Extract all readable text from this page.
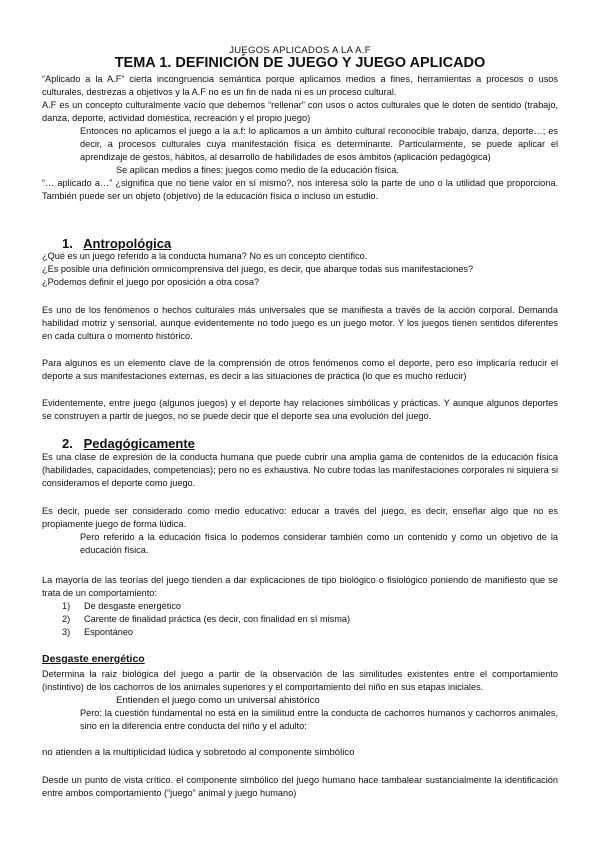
JUEGOS APLICADOS A LA A.F
TEMA 1. DEFINICIÓN DE JUEGO Y JUEGO APLICADO

“Aplicado a la A.F” cierta incongruencia semántica porque aplicamos medios a fines, herramientas a procesos o usos culturales, destrezas a objetivos y la A.F no es un fin de nada ni es un proceso cultural.

A.F es un concepto culturalmente vacío que debemos “rellenar” con usos o actos culturales que le doten de sentido (trabajo, danza, deporte, actividad doméstica, recreación y el propio juego)

Entonces no aplicamos el juego a la a.f: lo aplicamos a un ámbito cultural reconocible trabajo, danza, deporte…; es decir, a procesos culturales cuya manifestación física es determinante. Particularmente, se puede aplicar el aprendizaje de gestos, hábitos, al desarrollo de habilidades de esos ámbitos (aplicación pedagógica)

Se aplican medios a fines: juegos como medio de la educación física.

“… aplicado a…” ¿significa que no tiene valor en sí mismo?, nos interesa sólo la parte de uno o la utilidad que proporciona. También puede ser un objeto (objetivo) de la educación física o incluso un estudio.

1. Antropológica

¿Qué es un juego referido a la conducta humana? No es un concepto científico.

¿Es posible una definición omnicomprensiva del juego, es decir, que abarque todas sus manifestaciones?

¿Podemos definir el juego por oposición a otra cosa?

Es uno de los fenómenos o hechos culturales más universales que se manifiesta a través de la acción corporal. Demanda habilidad motriz y sensorial, aunque evidentemente no todo juego es un juego motor. Y los juegos tienen sentidos diferentes en cada cultura o momento histórico.

Para algunos es un elemento clave de la comprensión de otros fenómenos como el deporte, pero eso implicaría reducir el deporte a sus manifestaciones externas, es decir a las situaciones de práctica (lo que es mucho reducir)

Evidentemente, entre juego (algunos juegos) y el deporte hay relaciones simbólicas y prácticas. Y aunque algunos deportes se construyen a partir de juegos, no se puede decir que el deporte sea una evolución del juego.

2. Pedagógicamente

Es una clase de expresión de la conducta humana que puede cubrir una amplia gama de contenidos de la educación física (habilidades, capacidades, competencias); pero no es exhaustiva. No cubre todas las manifestaciones corporales ni siquiera si consideramos el deporte como juego.

Es decir, puede ser considerado como medio educativo: educar a través del juego, es decir, enseñar algo que no es propiamente juego de forma lúdica.

Pero referido a la educación física lo podemos considerar también como un contenido y como un objetivo de la educación física.

La mayoría de las teorías del juego tienden a dar explicaciones de tipo biológico o fisiológico poniendo de manifiesto que se trata de un comportamiento:

1) De desgaste energético
2) Carente de finalidad práctica (es decir, con finalidad en sí misma)
3) Espontáneo
Desgaste energético

Determina la raíz biológica del juego a partir de la observación de las similitudes existentes entre el comportamiento (instintivo) de los cachorros de los animales superiores y el comportamiento del niño en sus etapas iniciales.

Entienden el juego como un universal ahistórico

Pero: la cuestión fundamental no está en la similitud entre la conducta de cachorros humanos y cachorros animales, sino en la diferencia entre conducta del niño y el adulto:

no atienden a la multiplicidad lúdica y sobretodo al componente simbólico

Desde un punto de vista crítico. el componente simbólico del juego humano hace tambalear sustancialmente la identificación entre ambos comportamiento (“juego” animal y juego humano)
